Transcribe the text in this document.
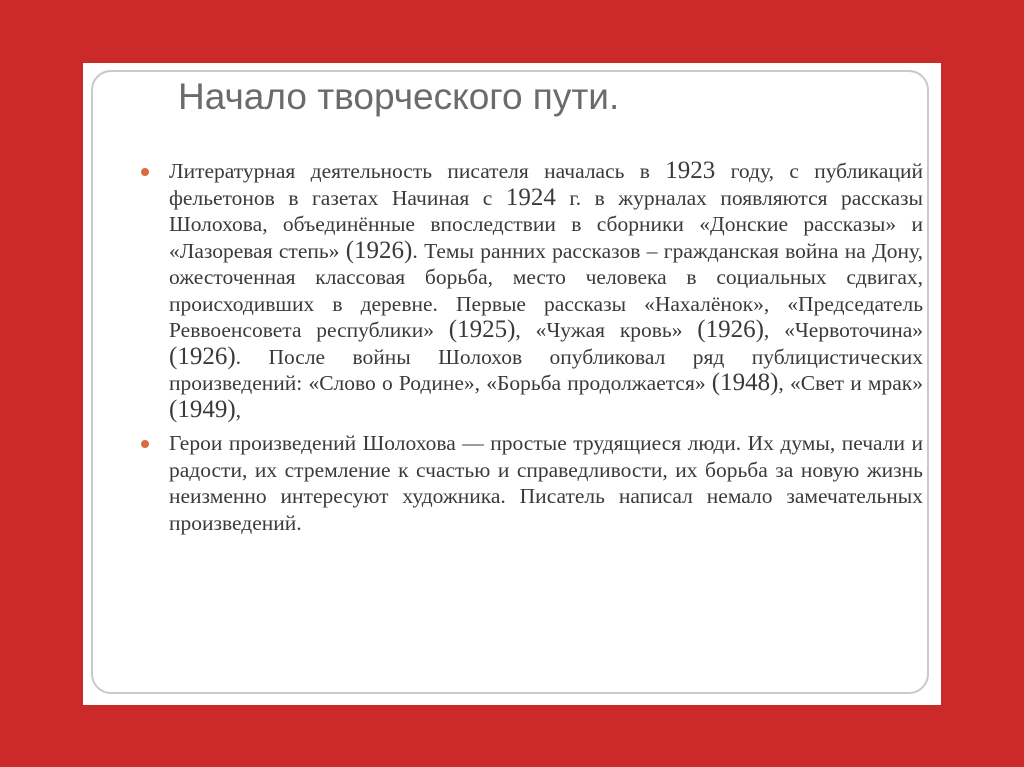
Начало творческого пути.
Литературная деятельность писателя началась в 1923 году, с публикаций фельетонов в газетах Начиная с 1924 г. в журналах появляются рассказы Шолохова, объединённые впоследствии в сборники «Донские рассказы» и «Лазоревая степь» (1926). Темы ранних рассказов – гражданская война на Дону, ожесточенная классовая борьба, место человека в социальных сдвигах, происходивших в деревне. Первые рассказы «Нахалёнок», «Председатель Реввоенсовета республики» (1925), «Чужая кровь» (1926), «Червоточина» (1926). После войны Шолохов опубликовал ряд публицистических произведений: «Слово о Родине», «Борьба продолжается» (1948), «Свет и мрак» (1949),
Герои произведений Шолохова — простые трудящиеся люди. Их думы, печали и радости, их стремление к счастью и справедливости, их борьба за новую жизнь неизменно интересуют художника. Писатель написал немало замечательных произведений.
